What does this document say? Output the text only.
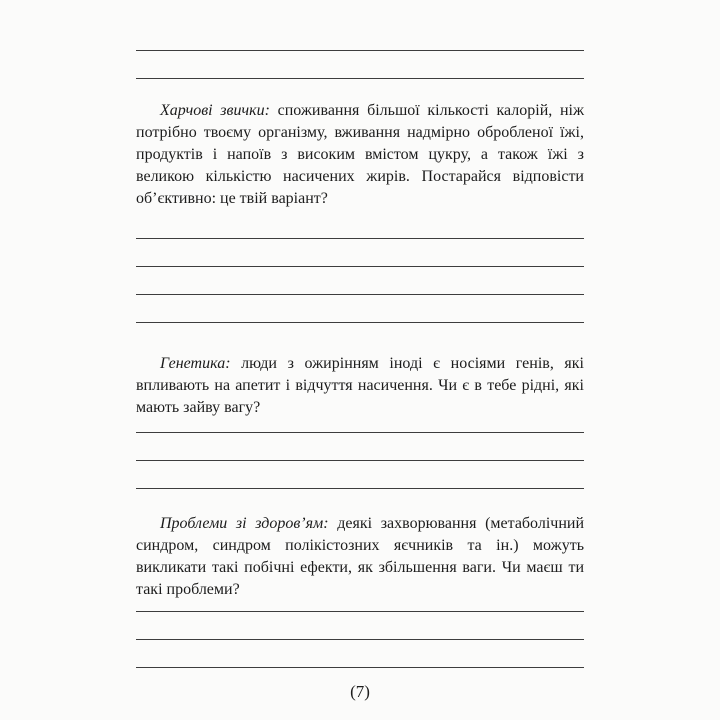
Харчові звички: споживання більшої кількості калорій, ніж потрібно твоєму організму, вживання надмірно обробленої їжі, продуктів і напоїв з високим вмістом цукру, а також їжі з великою кількістю насичених жирів. Постарайся відповісти об’єктивно: це твій варіант?

Генетика: люди з ожирінням іноді є носіями генів, які впливають на апетит і відчуття насичення. Чи є в тебе рідні, які мають зайву вагу?

Проблеми зі здоров’ям: деякі захворювання (метаболічний синдром, синдром полікістозних яєчників та ін.) можуть викликати такі побічні ефекти, як збільшення ваги. Чи маєш ти такі проблеми?

(7)
